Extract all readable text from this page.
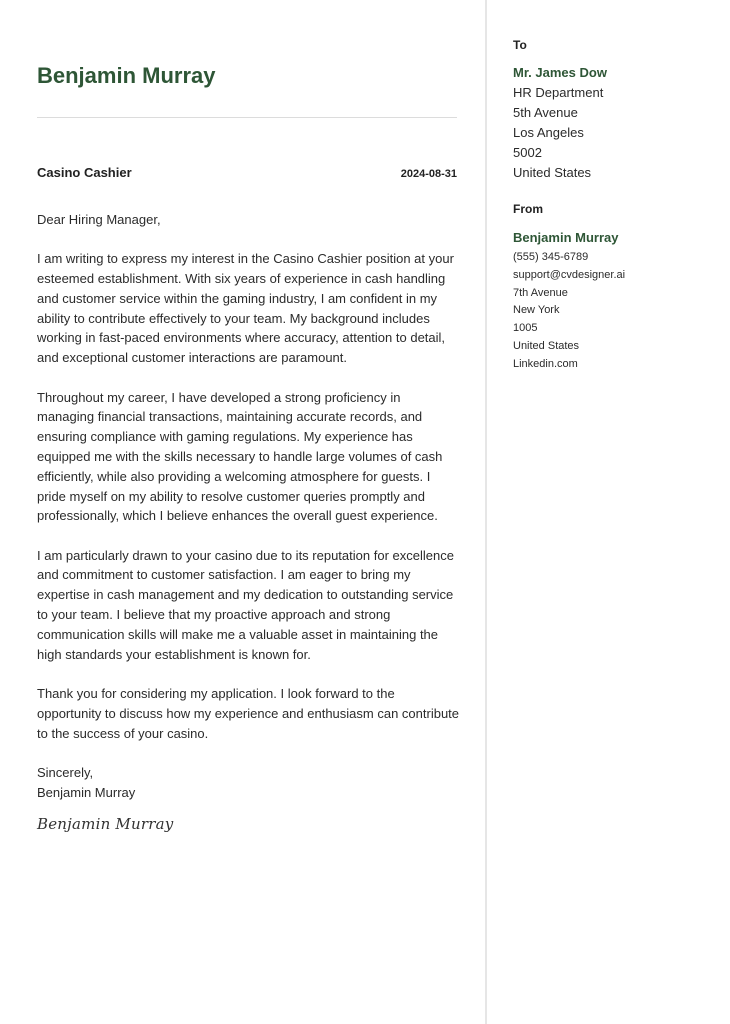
Benjamin Murray
Casino Cashier	2024-08-31

Dear Hiring Manager,

I am writing to express my interest in the Casino Cashier position at your esteemed establishment. With six years of experience in cash handling and customer service within the gaming industry, I am confident in my ability to contribute effectively to your team. My background includes working in fast-paced environments where accuracy, attention to detail, and exceptional customer interactions are paramount.

Throughout my career, I have developed a strong proficiency in managing financial transactions, maintaining accurate records, and ensuring compliance with gaming regulations. My experience has equipped me with the skills necessary to handle large volumes of cash efficiently, while also providing a welcoming atmosphere for guests. I pride myself on my ability to resolve customer queries promptly and professionally, which I believe enhances the overall guest experience.

I am particularly drawn to your casino due to its reputation for excellence and commitment to customer satisfaction. I am eager to bring my expertise in cash management and my dedication to outstanding service to your team. I believe that my proactive approach and strong communication skills will make me a valuable asset in maintaining the high standards your establishment is known for.

Thank you for considering my application. I look forward to the opportunity to discuss how my experience and enthusiasm can contribute to the success of your casino.

Sincerely,
Benjamin Murray
Benjamin Murray
To
Mr. James Dow
HR Department
5th Avenue
Los Angeles
5002
United States
From
Benjamin Murray
(555) 345-6789
support@cvdesigner.ai
7th Avenue
New York
1005
United States
Linkedin.com
